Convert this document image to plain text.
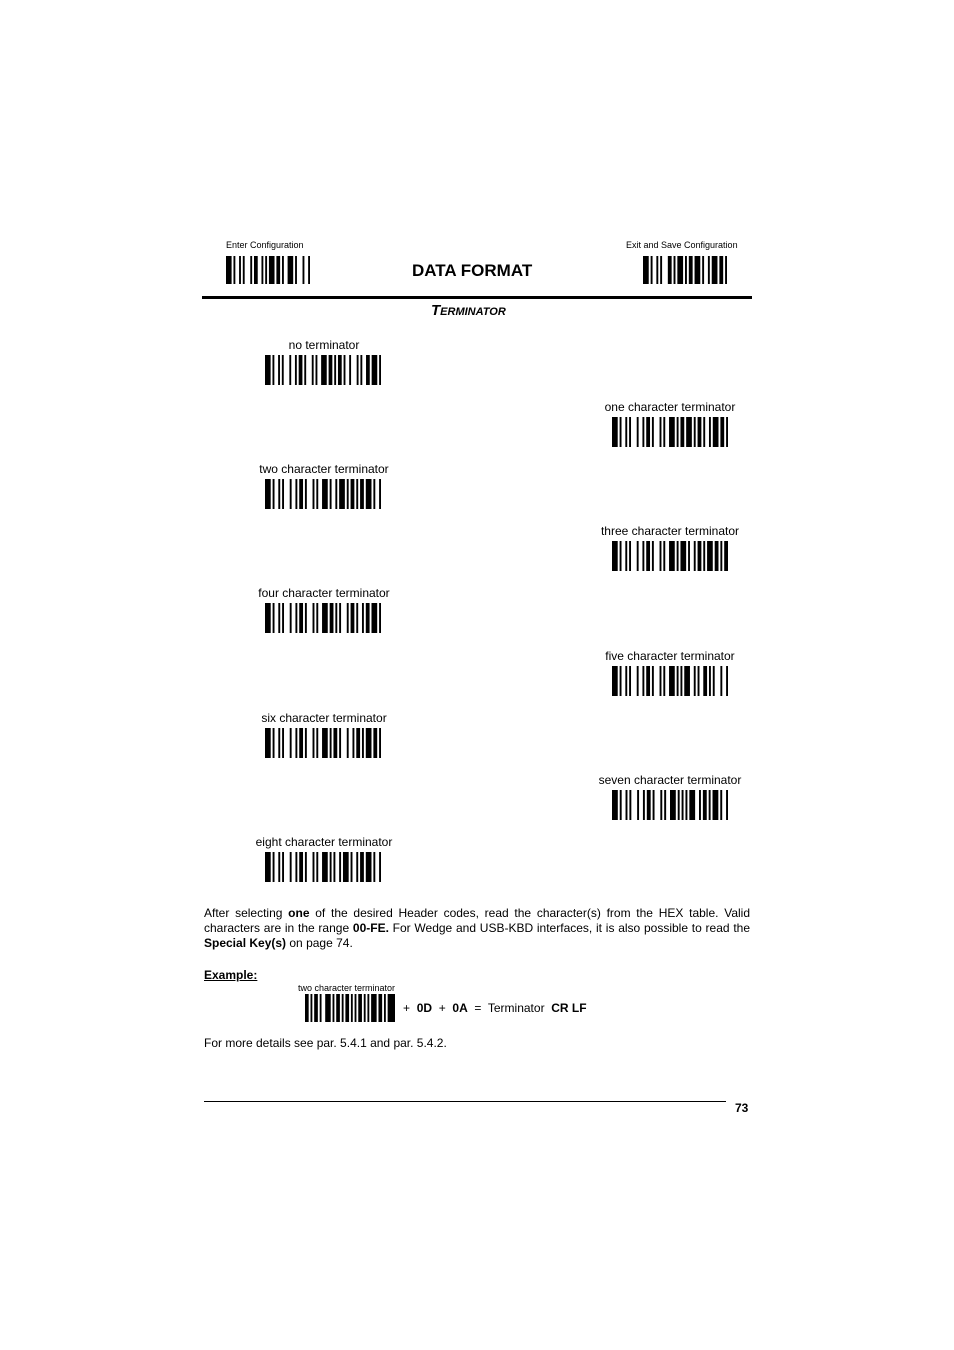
Enter Configuration
DATA FORMAT
Exit and Save Configuration
TERMINATOR
no terminator
one character terminator
two character terminator
three character terminator
four character terminator
five character terminator
six character terminator
seven character terminator
eight character terminator
After selecting one of the desired Header codes, read the character(s) from the HEX table. Valid characters are in the range 00-FE. For Wedge and USB-KBD interfaces, it is also possible to read the Special Key(s) on page 74.
Example:
two character terminator
+ 0D + 0A = Terminator CR LF
For more details see par. 5.4.1 and par. 5.4.2.
73
